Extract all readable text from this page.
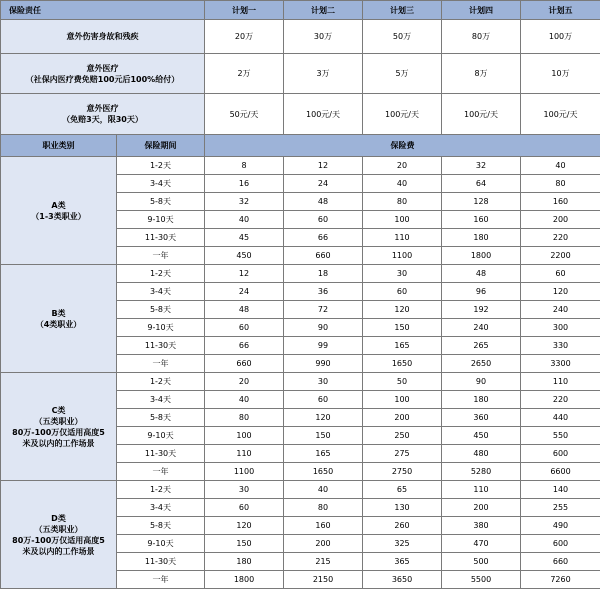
保险责任		计划一	计划二	计划三	计划四	计划五
意外伤害身故和残疾		20万	30万	50万	80万	100万
意外医疗
（社保内医疗费免赔100元后100%给付）		2万	3万	5万	8万	10万
意外医疗
（免赔3天，限30天）		50元/天	100元/天	100元/天	100元/天	100元/天
职业类别	保险期间	保险费				
A类
（1-3类职业）	1-2天	8	12	20	32	40
	3-4天	16	24	40	64	80
	5-8天	32	48	80	128	160
	9-10天	40	60	100	160	200
	11-30天	45	66	110	180	220
	一年	450	660	1100	1800	2200
B类
（4类职业）	1-2天	12	18	30	48	60
	3-4天	24	36	60	96	120
	5-8天	48	72	120	192	240
	9-10天	60	90	150	240	300
	11-30天	66	99	165	265	330
	一年	660	990	1650	2650	3300
C类
（五类职业）
80万-100万仅适用高度5
米及以内的工作场景	1-2天	20	30	50	90	110
	3-4天	40	60	100	180	220
	5-8天	80	120	200	360	440
	9-10天	100	150	250	450	550
	11-30天	110	165	275	480	600
	一年	1100	1650	2750	5280	6600
D类
（五类职业）
80万-100万仅适用高度5
米及以内的工作场景	1-2天	30	40	65	110	140
	3-4天	60	80	130	200	255
	5-8天	120	160	260	380	490
	9-10天	150	200	325	470	600
	11-30天	180	215	365	500	660
	一年	1800	2150	3650	5500	7260
